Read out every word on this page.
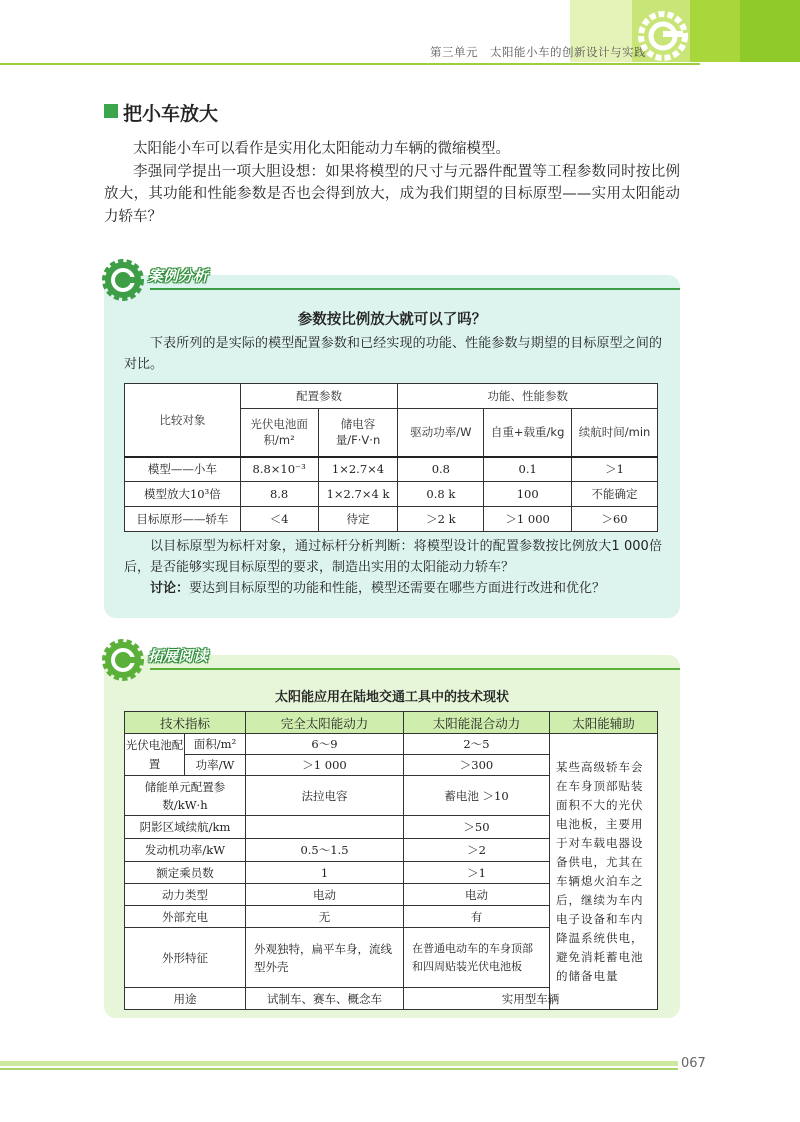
第三单元　太阳能小车的创新设计与实践
把小车放大

太阳能小车可以看作是实用化太阳能动力车辆的微缩模型。

李强同学提出一项大胆设想：如果将模型的尺寸与元器件配置等工程参数同时按比例放大，其功能和性能参数是否也会得到放大，成为我们期望的目标原型——实用太阳能动力轿车？

案例分析
参数按比例放大就可以了吗？

下表所列的是实际的模型配置参数和已经实现的功能、性能参数与期望的目标原型之间的对比。

比较对象	配置参数		功能、性能参数		
	光伏电池面积/m²	储电容量/F·V·n	驱动功率/W	自重+载重/kg	续航时间/min
模型——小车	8.8×10⁻³	1×2.7×4	0.8	0.1	＞1
模型放大10³倍	8.8	1×2.7×4 k	0.8 k	100	不能确定
目标原形——轿车	＜4	待定	＞2 k	＞1 000	＞60

以目标原型为标杆对象，通过标杆分析判断：将模型设计的配置参数按比例放大1 000倍后，是否能够实现目标原型的要求，制造出实用的太阳能动力轿车？

讨论：要达到目标原型的功能和性能，模型还需要在哪些方面进行改进和优化？

拓展阅读
太阳能应用在陆地交通工具中的技术现状
技术指标		完全太阳能动力	太阳能混合动力	太阳能辅助
光伏电池配置	面积/m²	6～9	2～5	某些高级轿车会在车身顶部贴装面积不大的光伏电池板，主要用于对车载电器设备供电，尤其在车辆熄火泊车之后，继续为车内电子设备和车内降温系统供电，避免消耗蓄电池的储备电量
	功率/W	＞1 000	＞300	
储能单元配置参数/kW·h		法拉电容	蓄电池 ＞10	
阴影区域续航/km			＞50	
发动机功率/kW		0.5～1.5	＞2	
额定乘员数		1	＞1	
动力类型		电动	电动	
外部充电		无	有	
外形特征		外观独特，扁平车身，流线型外壳	在普通电动车的车身顶部和四周贴装光伏电池板	
用途		试制车、赛车、概念车	实用型车辆	
067
